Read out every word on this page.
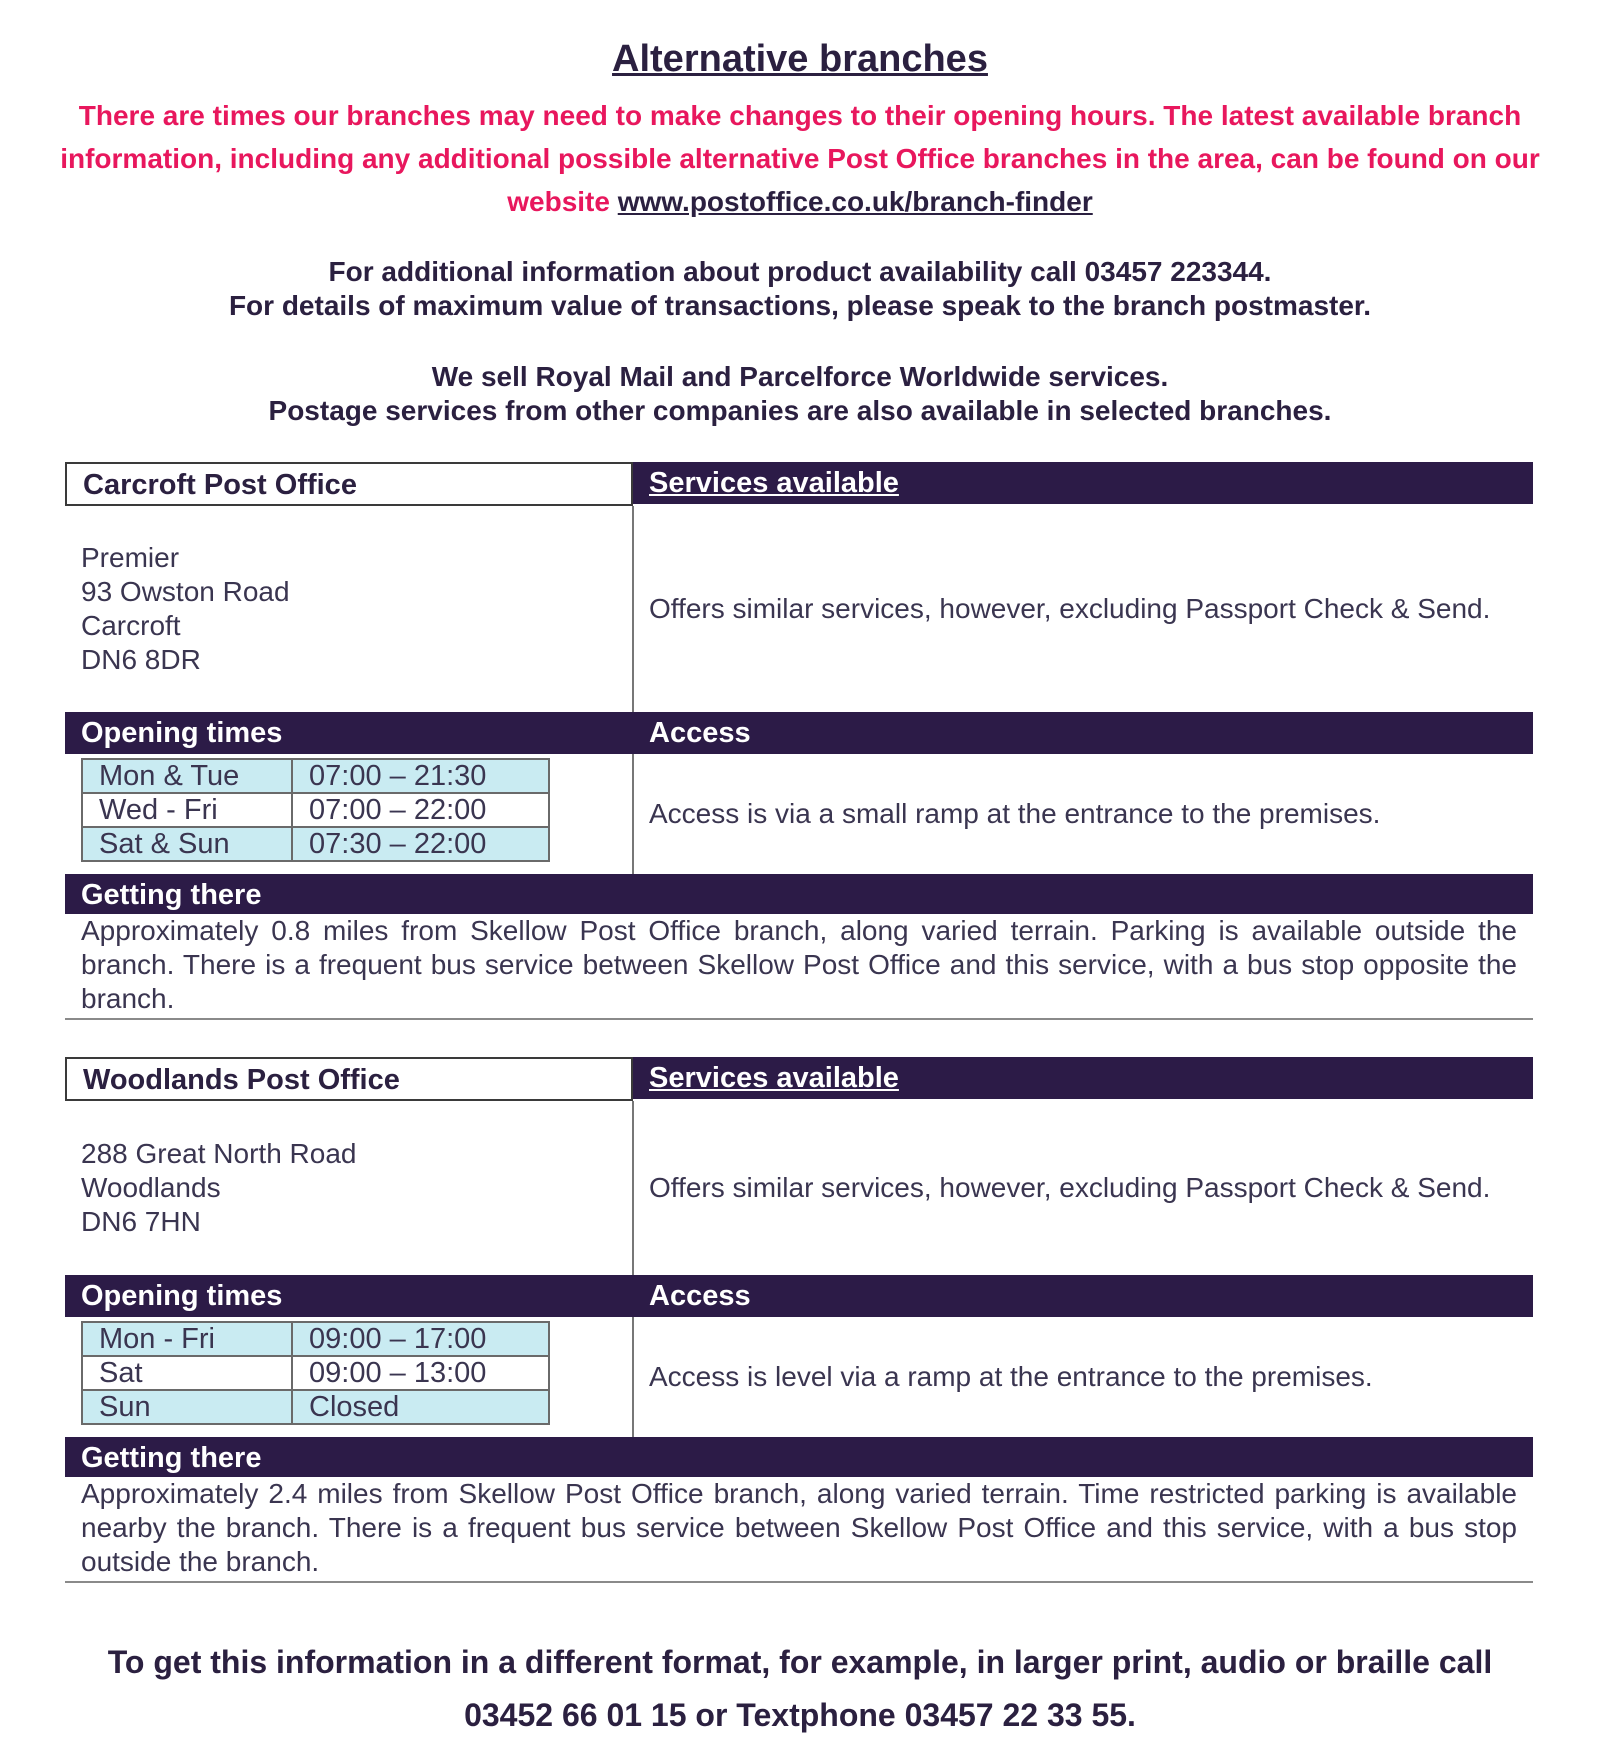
Alternative branches
There are times our branches may need to make changes to their opening hours. The latest available branch information, including any additional possible alternative Post Office branches in the area, can be found on our website www.postoffice.co.uk/branch-finder

For additional information about product availability call 03457 223344.

For details of maximum value of transactions, please speak to the branch postmaster.

We sell Royal Mail and Parcelforce Worldwide services.

Postage services from other companies are also available in selected branches.

Carcroft Post Office	Services available
Premier
93 Owston Road
Carcroft
DN6 8DR
Offers similar services, however, excluding Passport Check & Send.
Opening times	Access
Mon & Tue	07:00 – 21:30
Wed - Fri	07:00 – 22:00
Sat & Sun	07:30 – 22:00
Access is via a small ramp at the entrance to the premises.
Getting there
Approximately 0.8 miles from Skellow Post Office branch, along varied terrain. Parking is available outside the branch. There is a frequent bus service between Skellow Post Office and this service, with a bus stop opposite the branch.
Woodlands Post Office	Services available
288 Great North Road
Woodlands
DN6 7HN
Offers similar services, however, excluding Passport Check & Send.
Opening times	Access
Mon - Fri	09:00 – 17:00
Sat	09:00 – 13:00
Sun	Closed
Access is level via a ramp at the entrance to the premises.
Getting there
Approximately 2.4 miles from Skellow Post Office branch, along varied terrain. Time restricted parking is available nearby the branch. There is a frequent bus service between Skellow Post Office and this service, with a bus stop outside the branch.
To get this information in a different format, for example, in larger print, audio or braille call
03452 66 01 15 or Textphone 03457 22 33 55.
